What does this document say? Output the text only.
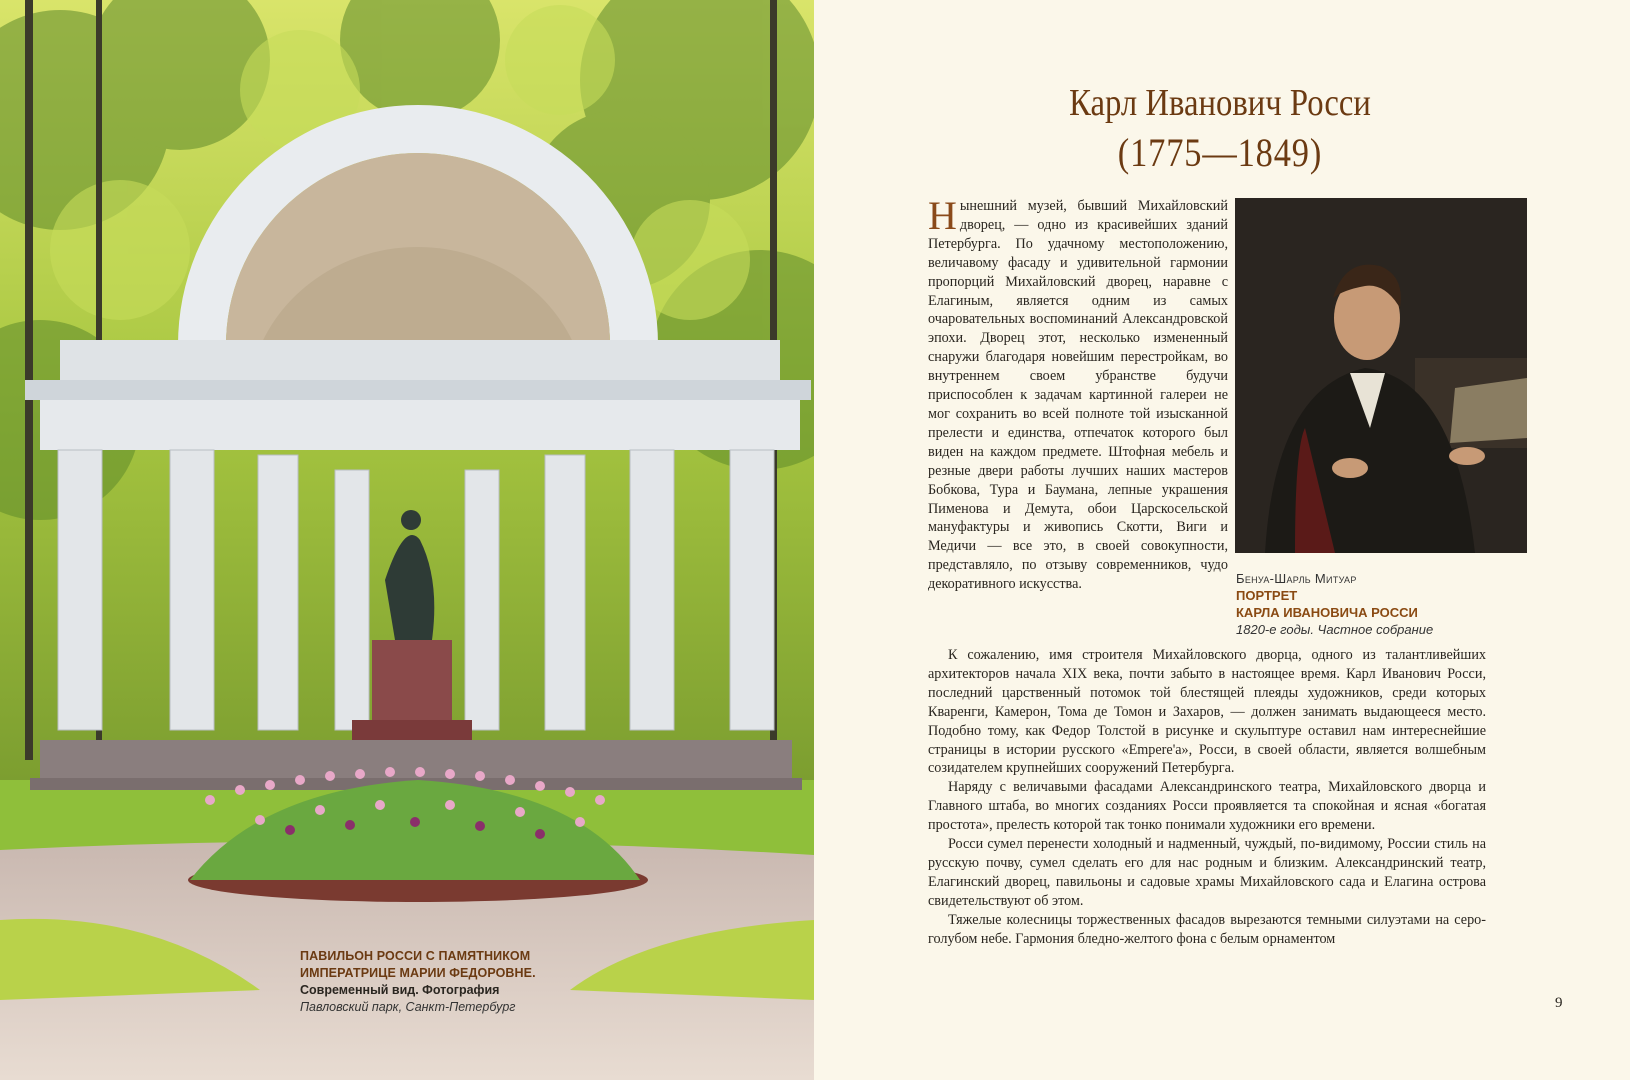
ПАВИЛЬОН РОССИ С ПАМЯТНИКОМ
ИМПЕРАТРИЦЕ МАРИИ ФЕДОРОВНЕ.
Современный вид. Фотография
Павловский парк, Санкт-Петербург
Карл Иванович Росси
(1775—1849)

Нынешний музей, бывший Михайловский дворец, — одно из красивейших зданий Петербурга. По удачному местоположению, величавому фасаду и удивительной гармонии пропорций Михайловский дворец, наравне с Елагиным, является одним из самых очаровательных воспоминаний Александровской эпохи. Дворец этот, несколько измененный снаружи благодаря новейшим перестройкам, во внутреннем своем убранстве будучи приспособлен к задачам картинной галереи не мог сохранить во всей полноте той изысканной прелести и единства, отпечаток которого был виден на каждом предмете. Штофная мебель и резные двери работы лучших наших мастеров Бобкова, Тура и Баумана, лепные украшения Пименова и Демута, обои Царскосельской мануфактуры и живопись Скотти, Виги и Медичи — все это, в своей совокупности, представляло, по отзыву современников, чудо декоративного искусства.	Бенуа-Шарль Митуар
ПОРТРЕТ
КАРЛА ИВАНОВИЧА РОССИ
1820-е годы. Частное собрание

К сожалению, имя строителя Михайловского дворца, одного из талантливейших архитекторов начала XIX века, почти забыто в настоящее время. Карл Иванович Росси, последний царственный потомок той блестящей плеяды художников, среди которых Кваренги, Камерон, Тома де Томон и Захаров, — должен занимать выдающееся место. Подобно тому, как Федор Толстой в рисунке и скульптуре оставил нам интереснейшие страницы в истории русского «Empere'а», Росси, в своей области, является волшебным созидателем крупнейших сооружений Петербурга.

Наряду с величавыми фасадами Александринского театра, Михайловского дворца и Главного штаба, во многих созданиях Росси проявляется та спокойная и ясная «богатая простота», прелесть которой так тонко понимали художники его времени.

Росси сумел перенести холодный и надменный, чуждый, по-видимому, России стиль на русскую почву, сумел сделать его для нас родным и близким. Александринский театр, Елагинский дворец, павильоны и садовые храмы Михайловского сада и Елагина острова свидетельствуют об этом.

Тяжелые колесницы торжественных фасадов вырезаются темными силуэтами на серо-голубом небе. Гармония бледно-желтого фона с белым орнаментом

9
